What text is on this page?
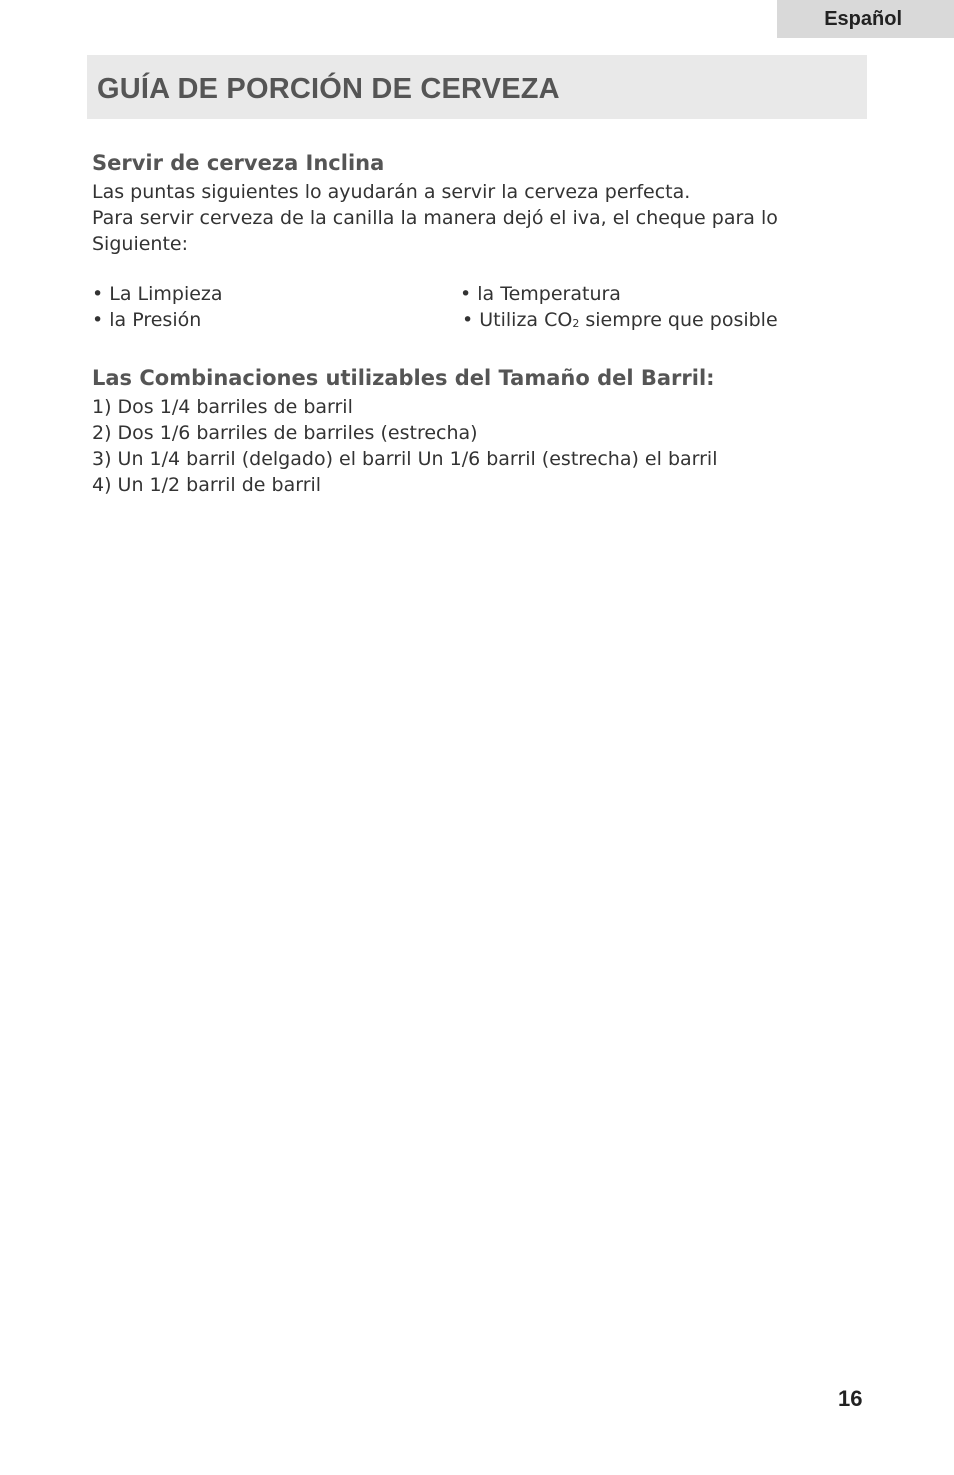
Español
GUÍA DE PORCIÓN DE CERVEZA
Servir de cerveza Inclina

Las puntas siguientes lo ayudarán a servir la cerveza perfecta.

Para servir cerveza de la canilla la manera dejó el iva, el cheque para lo

Siguiente:

• La Limpieza
• la Presión
• la Temperatura
• Utiliza $CO_2$ siempre que posible
Las Combinaciones utilizables del Tamaño del Barril:

1) Dos 1/4 barriles de barril

2) Dos 1/6 barriles de barriles (estrecha)

3) Un 1/4 barril (delgado) el barril Un 1/6 barril (estrecha) el barril

4) Un 1/2 barril de barril

16
